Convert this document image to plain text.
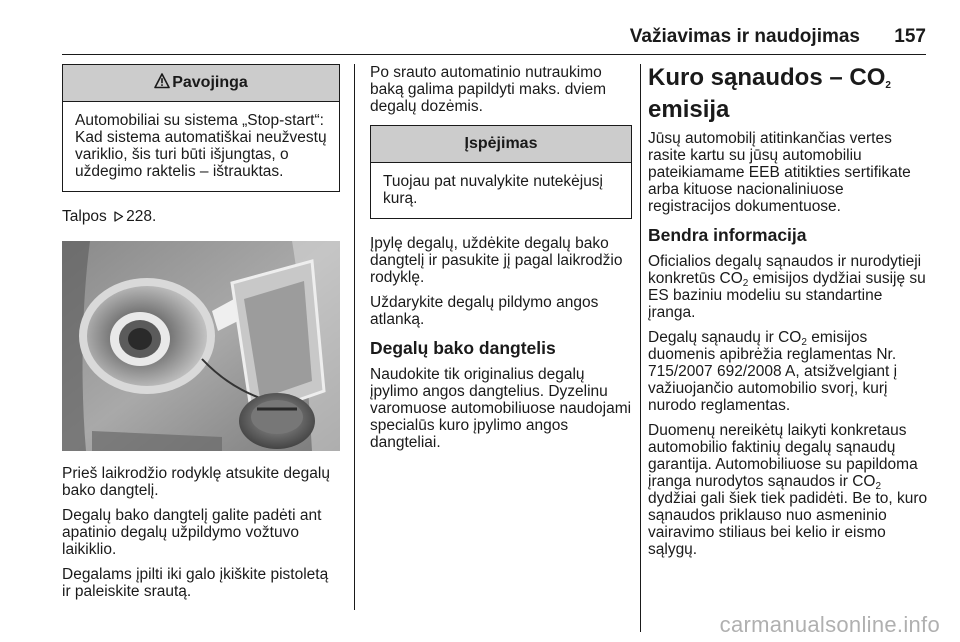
Važiavimas ir naudojimas	157
Pavojinga
Automobiliai su sistema „Stop-start“: Kad sistema automatiškai neužvestų variklio, šis turi būti išjungtas, o uždegimo raktelis – ištrauktas.

Talpos 228.

Prieš laikrodžio rodyklę atsukite degalų bako dangtelį.

Degalų bako dangtelį galite padėti ant apatinio degalų užpildymo vožtuvo laikiklio.

Degalams įpilti iki galo įkiškite pistoletą ir paleiskite srautą.

Po srauto automatinio nutraukimo baką galima papildyti maks. dviem degalų dozėmis.

Įspėjimas
Tuojau pat nuvalykite nutekėjusį kurą.

Įpylę degalų, uždėkite degalų bako dangtelį ir pasukite jį pagal laikrodžio rodyklę.

Uždarykite degalų pildymo angos atlanką.

Degalų bako dangtelis

Naudokite tik originalius degalų įpylimo angos dangtelius. Dyzelinu varomuose automobiliuose naudojami specialūs kuro įpylimo angos dangteliai.

Kuro sąnaudos – $CO_2$
emisija

Jūsų automobilį atitinkančias vertes rasite kartu su jūsų automobiliu pateikiamame EEB atitikties sertifikate arba kituose nacionaliniuose registracijos dokumentuose.

Bendra informacija

Oficialios degalų sąnaudos ir nurodytieji konkretūs $CO_2$ emisijos dydžiai susiję su ES baziniu modeliu su standartine įranga.

Degalų sąnaudų ir $CO_2$ emisijos duomenis apibrėžia reglamentas Nr. 715/2007 692/2008 A, atsižvelgiant į važiuojančio automobilio svorį, kurį nurodo reglamentas.

Duomenų nereikėtų laikyti konkretaus automobilio faktinių degalų sąnaudų garantija. Automobiliuose su papildoma įranga nurodytos sąnaudos ir $CO_2$ dydžiai gali šiek tiek padidėti. Be to, kuro sąnaudos priklauso nuo asmeninio vairavimo stiliaus bei kelio ir eismo sąlygų.

carmanualsonline.info
